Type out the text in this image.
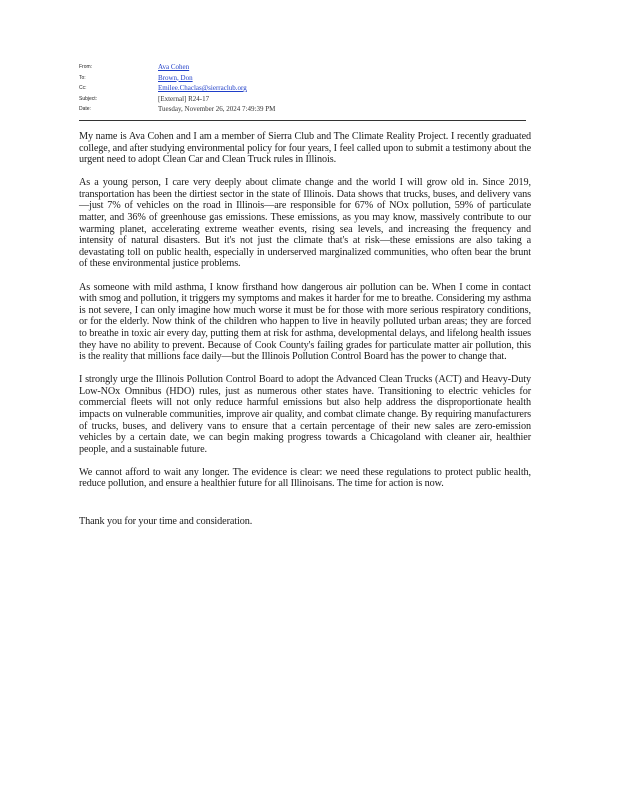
From:	Ava Cohen
To:	Brown, Don
Cc:	Emilee.Chaclas@sierraclub.org
Subject:	[External] R24-17
Date:	Tuesday, November 26, 2024 7:49:39 PM

My name is Ava Cohen and I am a member of Sierra Club and The Climate Reality Project. I recently graduated college, and after studying environmental policy for four years, I feel called upon to submit a testimony about the urgent need to adopt Clean Car and Clean Truck rules in Illinois.

As a young person, I care very deeply about climate change and the world I will grow old in. Since 2019, transportation has been the dirtiest sector in the state of Illinois. Data shows that trucks, buses, and delivery vans—just 7% of vehicles on the road in Illinois—are responsible for 67% of NOx pollution, 59% of particulate matter, and 36% of greenhouse gas emissions. These emissions, as you may know, massively contribute to our warming planet, accelerating extreme weather events, rising sea levels, and increasing the frequency and intensity of natural disasters. But it's not just the climate that's at risk—these emissions are also taking a devastating toll on public health, especially in underserved marginalized communities, who often bear the brunt of these environmental justice problems.

As someone with mild asthma, I know firsthand how dangerous air pollution can be. When I come in contact with smog and pollution, it triggers my symptoms and makes it harder for me to breathe. Considering my asthma is not severe, I can only imagine how much worse it must be for those with more serious respiratory conditions, or for the elderly. Now think of the children who happen to live in heavily polluted urban areas; they are forced to breathe in toxic air every day, putting them at risk for asthma, developmental delays, and lifelong health issues they have no ability to prevent. Because of Cook County's failing grades for particulate matter air pollution, this is the reality that millions face daily—but the Illinois Pollution Control Board has the power to change that.

I strongly urge the Illinois Pollution Control Board to adopt the Advanced Clean Trucks (ACT) and Heavy-Duty Low-NOx Omnibus (HDO) rules, just as numerous other states have. Transitioning to electric vehicles for commercial fleets will not only reduce harmful emissions but also help address the disproportionate health impacts on vulnerable communities, improve air quality, and combat climate change. By requiring manufacturers of trucks, buses, and delivery vans to ensure that a certain percentage of their new sales are zero-emission vehicles by a certain date, we can begin making progress towards a Chicagoland with cleaner air, healthier people, and a sustainable future.

We cannot afford to wait any longer. The evidence is clear: we need these regulations to protect public health, reduce pollution, and ensure a healthier future for all Illinoisans. The time for action is now.

Thank you for your time and consideration.
